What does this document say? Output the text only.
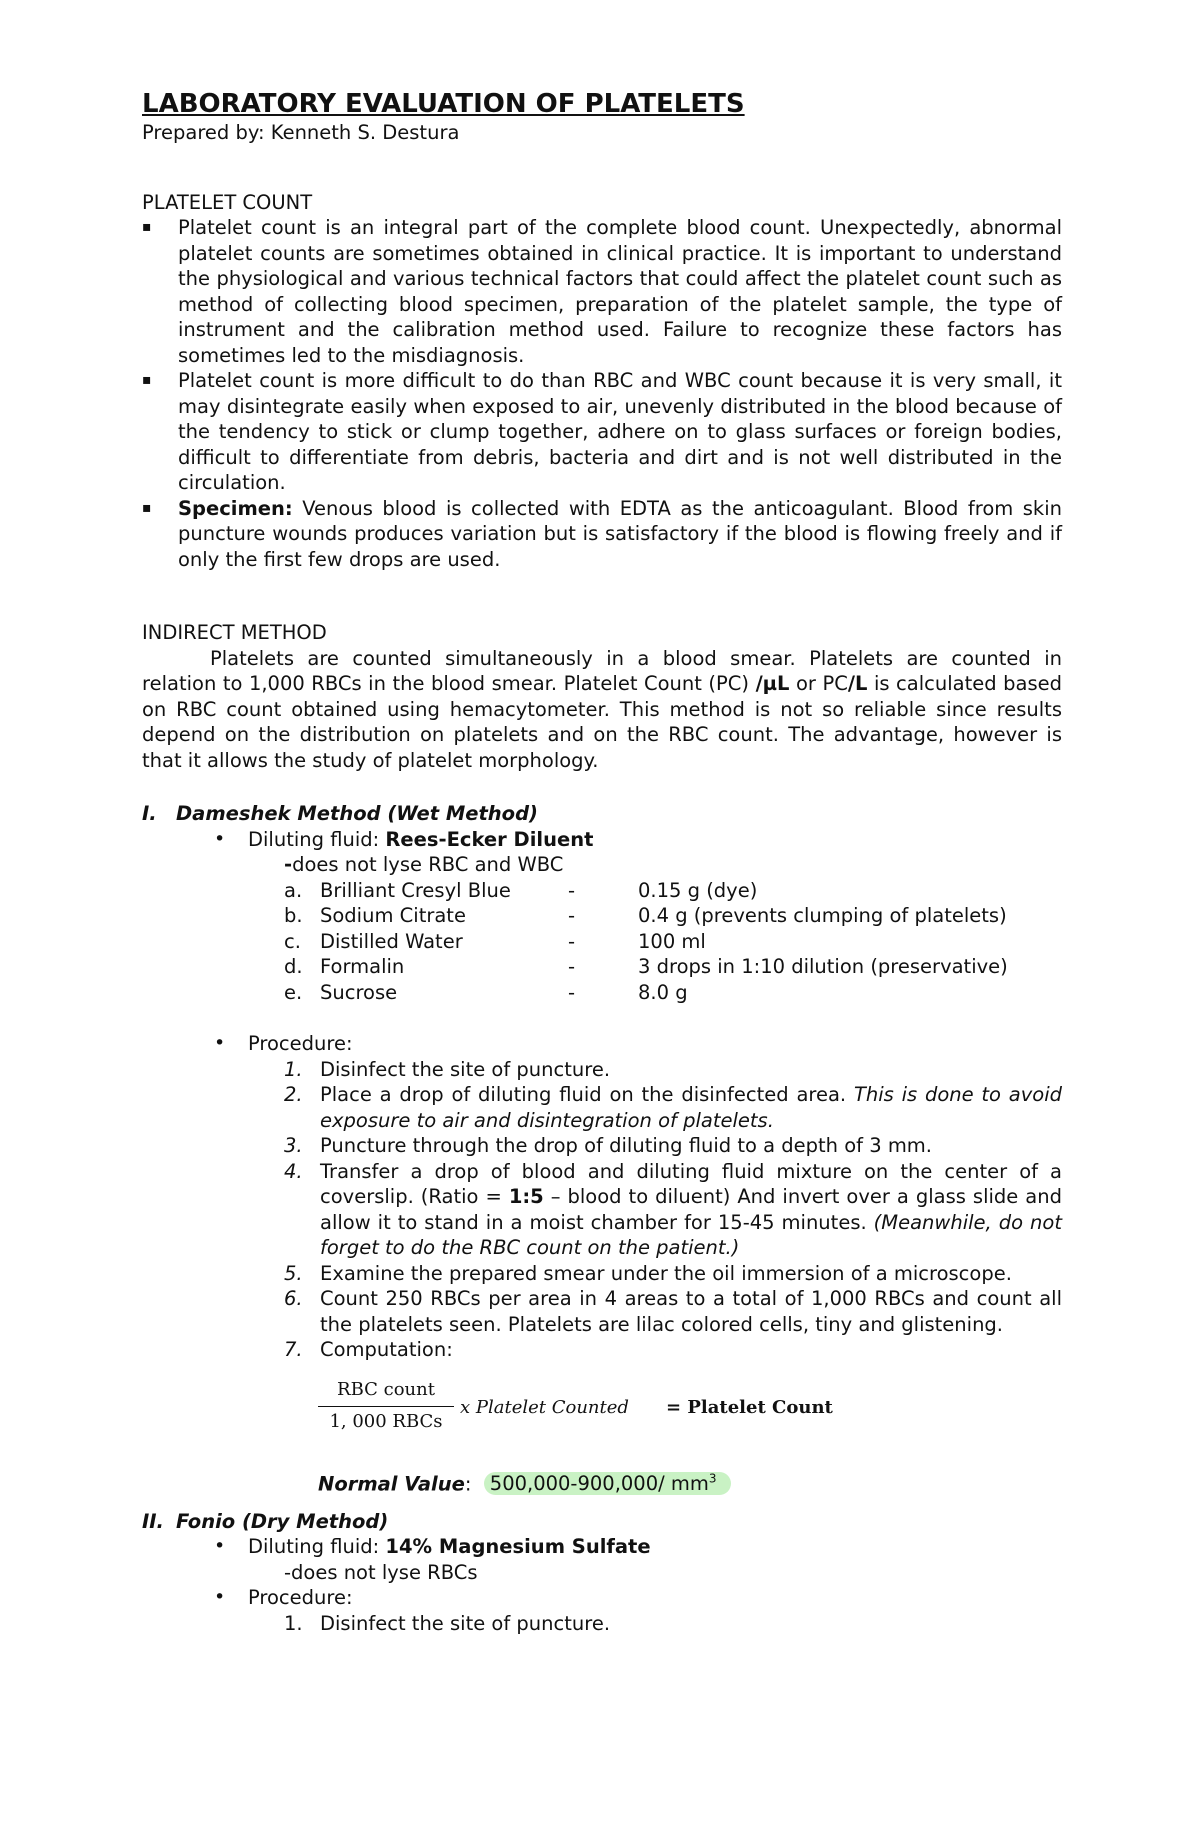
LABORATORY EVALUATION OF PLATELETS

Prepared by: Kenneth S. Destura

PLATELET COUNT

▪ Platelet count is an integral part of the complete blood count. Unexpectedly, abnormal platelet counts are sometimes obtained in clinical practice. It is important to understand the physiological and various technical factors that could affect the platelet count such as method of collecting blood specimen, preparation of the platelet sample, the type of instrument and the calibration method used. Failure to recognize these factors has sometimes led to the misdiagnosis.
▪ Platelet count is more difficult to do than RBC and WBC count because it is very small, it may disintegrate easily when exposed to air, unevenly distributed in the blood because of the tendency to stick or clump together, adhere on to glass surfaces or foreign bodies, difficult to differentiate from debris, bacteria and dirt and is not well distributed in the circulation.
▪ Specimen: Venous blood is collected with EDTA as the anticoagulant. Blood from skin puncture wounds produces variation but is satisfactory if the blood is flowing freely and if only the first few drops are used.

INDIRECT METHOD

Platelets are counted simultaneously in a blood smear. Platelets are counted in relation to 1,000 RBCs in the blood smear. Platelet Count (PC) /µL or PC/L is calculated based on RBC count obtained using hemacytometer. This method is not so reliable since results depend on the distribution on platelets and on the RBC count. The advantage, however is that it allows the study of platelet morphology.

I. Dameshek Method (Wet Method)

• Diluting fluid: Rees-Ecker Diluent
-does not lyse RBC and WBC
a. Brilliant Cresyl Blue	-	0.15 g (dye)
b. Sodium Citrate	-	0.4 g (prevents clumping of platelets)
c. Distilled Water	-	100 ml
d. Formalin	-	3 drops in 1:10 dilution (preservative)
e. Sucrose	-	8.0 g
• Procedure:
1. Disinfect the site of puncture.
2. Place a drop of diluting fluid on the disinfected area. This is done to avoid exposure to air and disintegration of platelets.
3. Puncture through the drop of diluting fluid to a depth of 3 mm.
4. Transfer a drop of blood and diluting fluid mixture on the center of a coverslip. (Ratio = 1:5 – blood to diluent) And invert over a glass slide and allow it to stand in a moist chamber for 15-45 minutes. (Meanwhile, do not forget to do the RBC count on the patient.)
5. Examine the prepared smear under the oil immersion of a microscope.
6. Count 250 RBCs per area in 4 areas to a total of 1,000 RBCs and count all the platelets seen. Platelets are lilac colored cells, tiny and glistening.
7. Computation:
RBC count
1, 000 RBCs
x Platelet Counted = Platelet Count

Normal Value: 500,000-900,000/ $mm^3$

II. Fonio (Dry Method)

• Diluting fluid: 14% Magnesium Sulfate
-does not lyse RBCs
• Procedure:
1. Disinfect the site of puncture.
